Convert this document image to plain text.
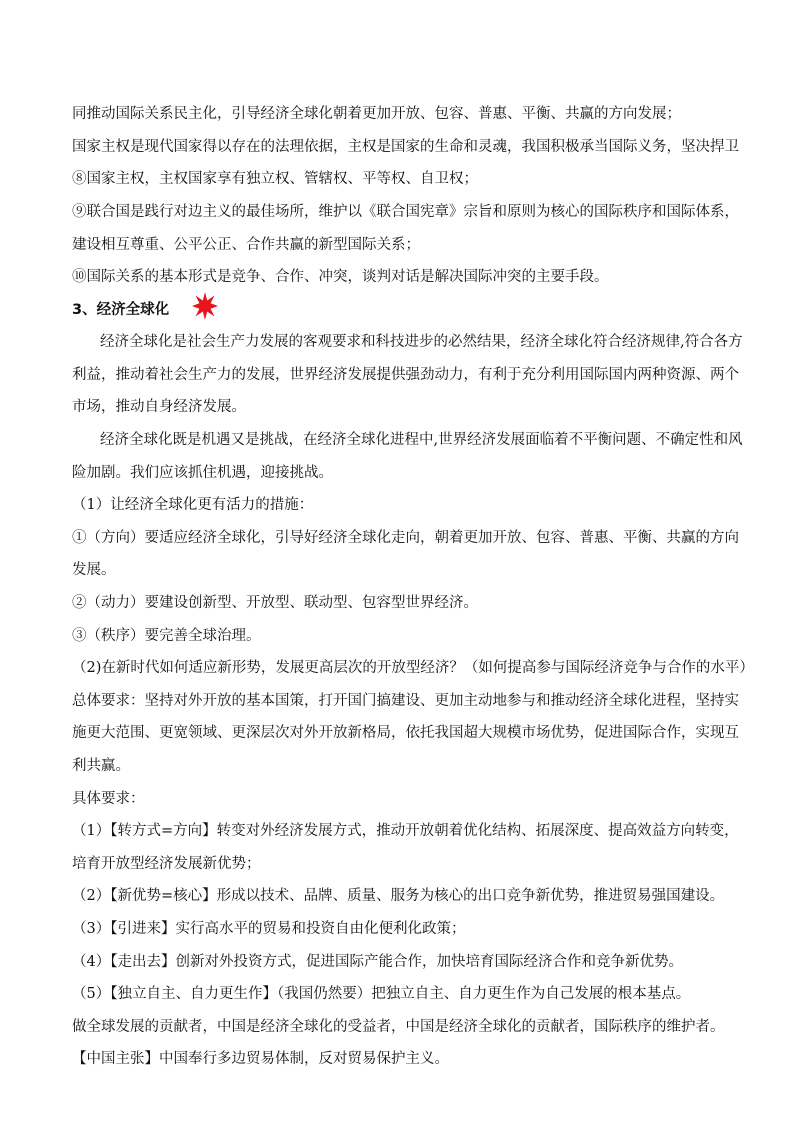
同推动国际关系民主化，引导经济全球化朝着更加开放、包容、普惠、平衡、共赢的方向发展；
国家主权是现代国家得以存在的法理依据，主权是国家的生命和灵魂，我国积极承当国际义务，坚决捍卫
⑧国家主权，主权国家享有独立权、管辖权、平等权、自卫权；
⑨联合国是践行对边主义的最佳场所，维护以《联合国宪章》宗旨和原则为核心的国际秩序和国际体系，
建设相互尊重、公平公正、合作共赢的新型国际关系；
⑩国际关系的基本形式是竞争、合作、冲突，谈判对话是解决国际冲突的主要手段。
3、经济全球化
经济全球化是社会生产力发展的客观要求和科技进步的必然结果，经济全球化符合经济规律,符合各方
利益，推动着社会生产力的发展，世界经济发展提供强劲动力，有利于充分利用国际国内两种资源、两个
市场，推动自身经济发展。
经济全球化既是机遇又是挑战，在经济全球化进程中,世界经济发展面临着不平衡问题、不确定性和风
险加剧。我们应该抓住机遇，迎接挑战。
（1）让经济全球化更有活力的措施：
①（方向）要适应经济全球化，引导好经济全球化走向，朝着更加开放、包容、普惠、平衡、共赢的方向
发展。
②（动力）要建设创新型、开放型、联动型、包容型世界经济。
③（秩序）要完善全球治理。
（2)在新时代如何适应新形势，发展更高层次的开放型经济？（如何提高参与国际经济竞争与合作的水平）
总体要求：坚持对外开放的基本国策，打开国门搞建设、更加主动地参与和推动经济全球化进程，坚持实
施更大范围、更宽领域、更深层次对外开放新格局，依托我国超大规模市场优势，促进国际合作，实现互
利共赢。
具体要求：
（1）【转方式=方向】转变对外经济发展方式，推动开放朝着优化结构、拓展深度、提高效益方向转变，
培育开放型经济发展新优势；
（2）【新优势=核心】形成以技术、品牌、质量、服务为核心的出口竞争新优势，推进贸易强国建设。
（3）【引进来】实行高水平的贸易和投资自由化便利化政策；
（4）【走出去】创新对外投资方式，促进国际产能合作，加快培育国际经济合作和竞争新优势。
（5）【独立自主、自力更生作】（我国仍然要）把独立自主、自力更生作为自己发展的根本基点。
做全球发展的贡献者，中国是经济全球化的受益者，中国是经济全球化的贡献者，国际秩序的维护者。
【中国主张】中国奉行多边贸易体制，反对贸易保护主义。
